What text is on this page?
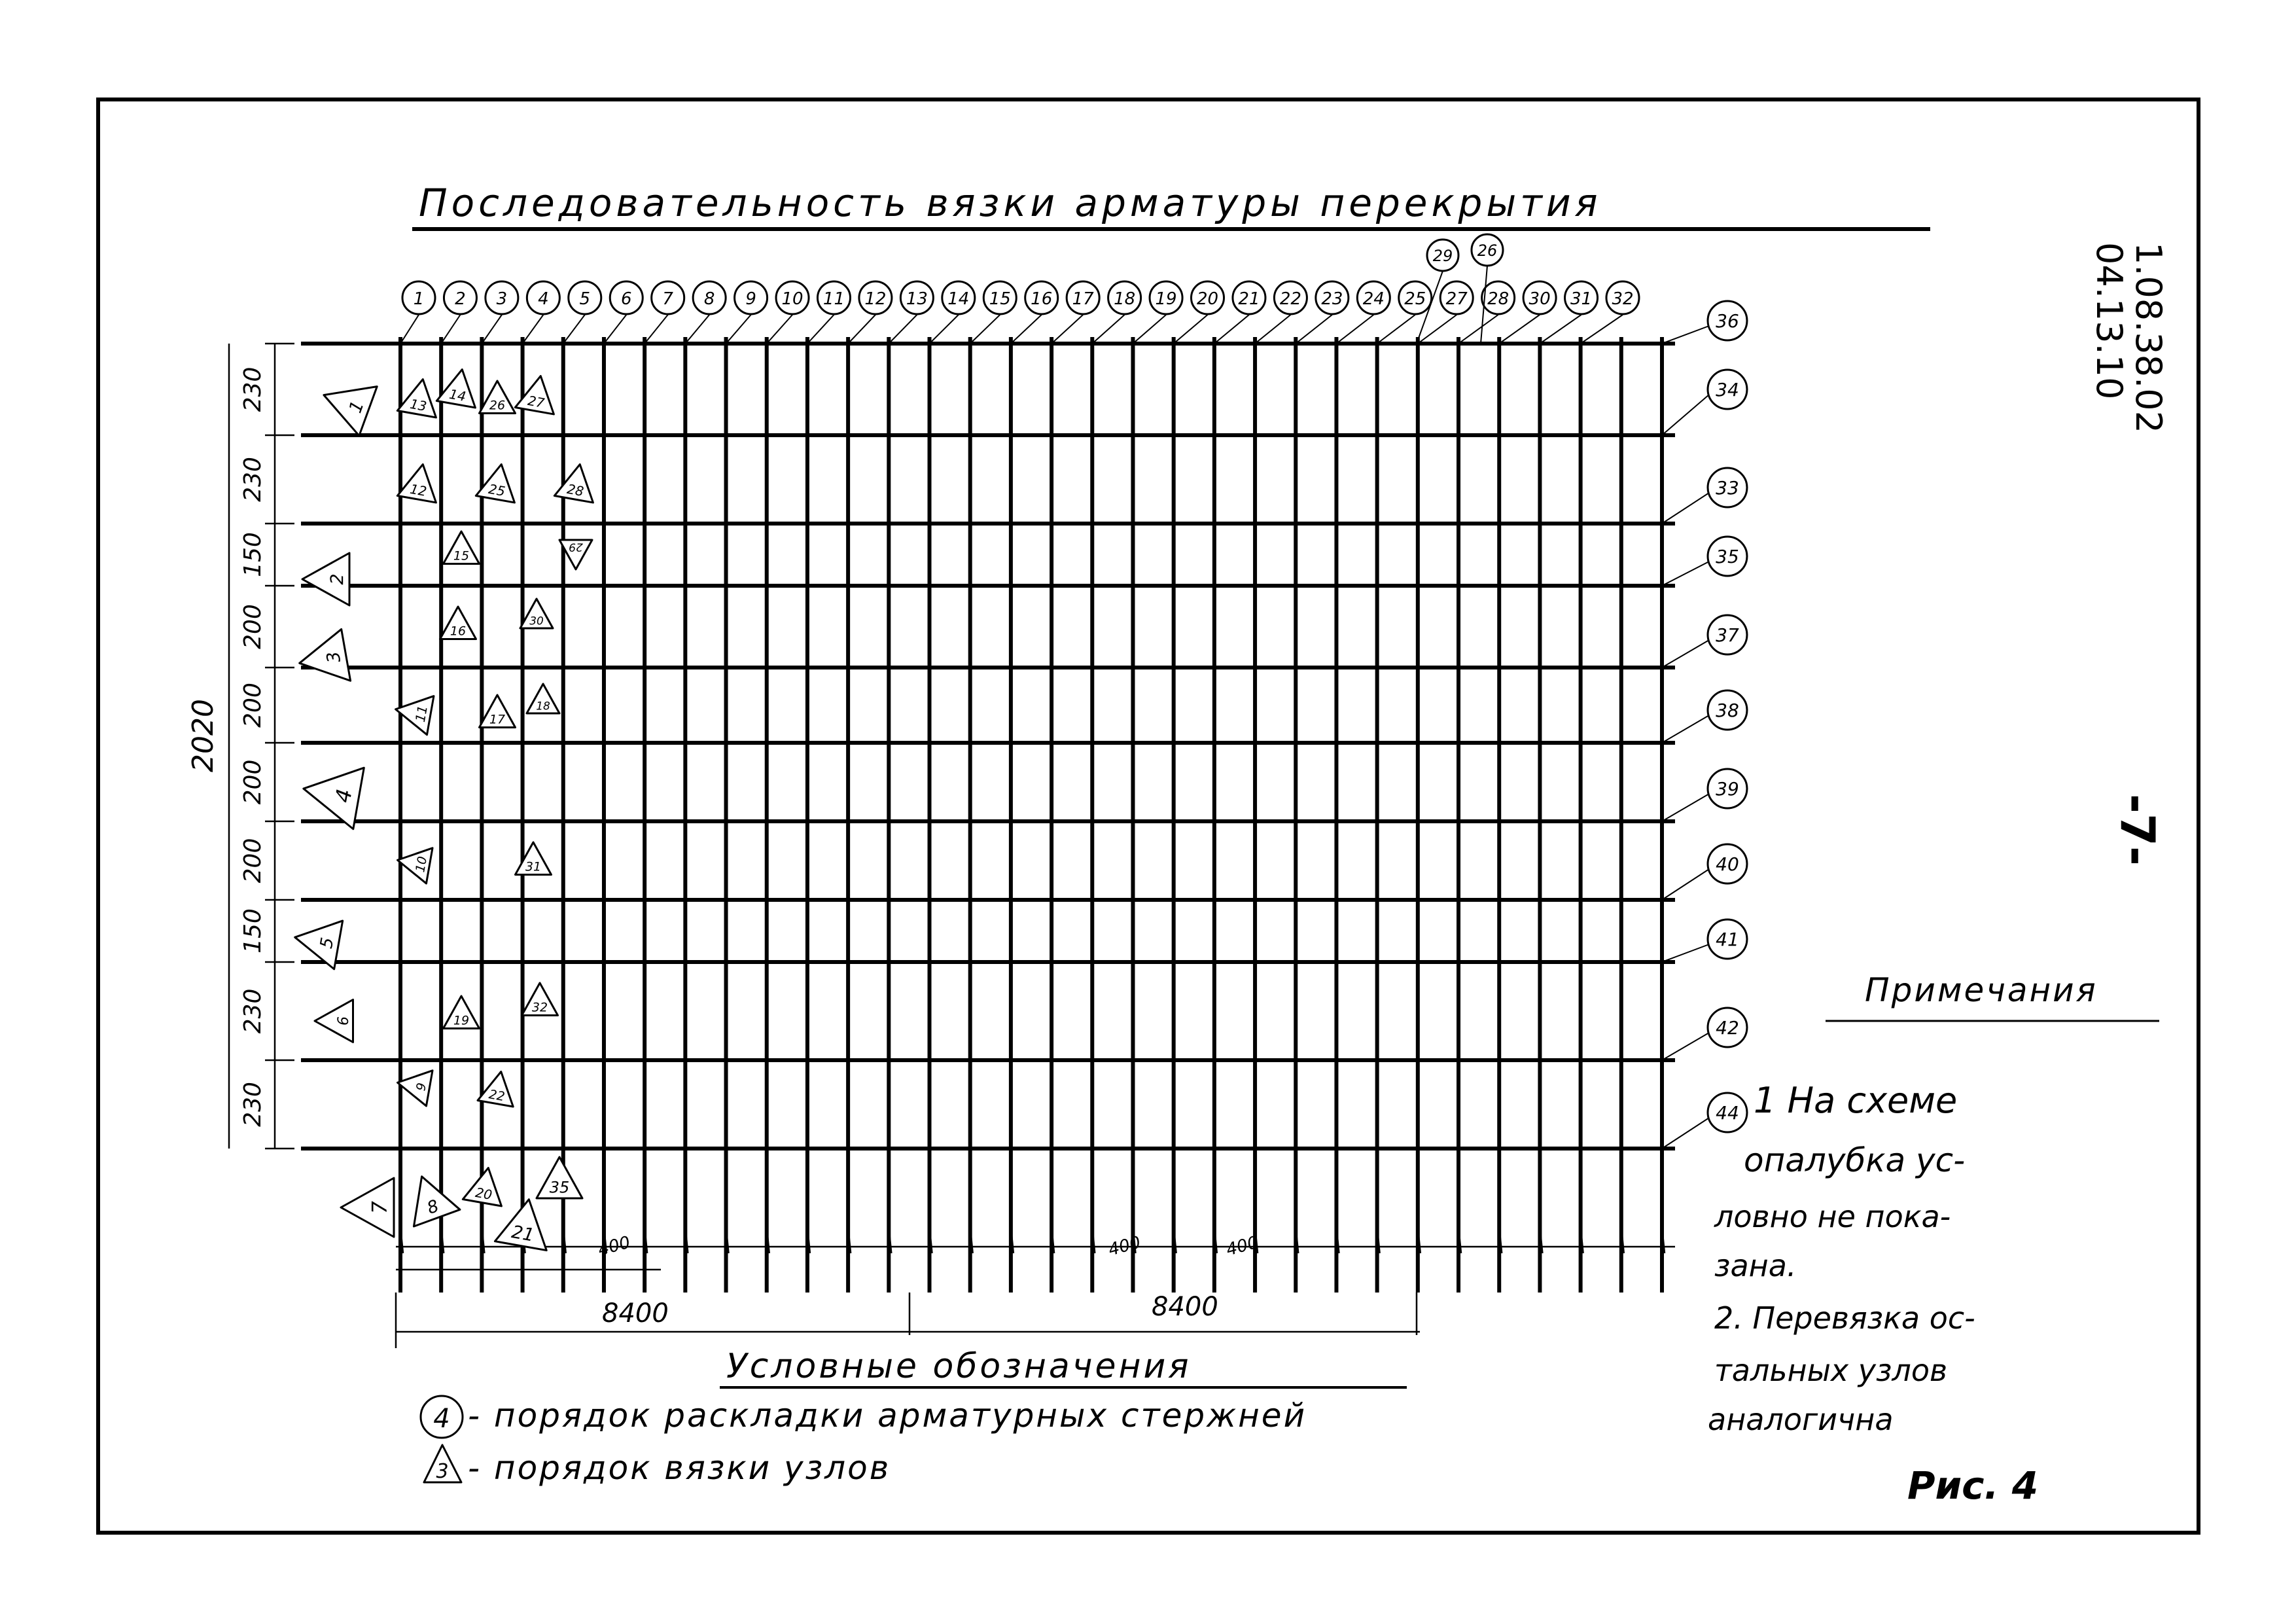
Последовательность вязки арматуры перекрытия
1.08.38.02
04.13.10
-7-
1 2 3 4 5 6 7 8 9 10 11 12 13 14 15 16 17 18 19 20 21 22 23 24 25 27 28 30 31 32
29 26
36
34
33
35
37
38
39
40
41
42
44
1
2
3
4
5
6
7 8
20
21
35
13
14
26 27
12	25	28
15
29
16
30
11	17
18
10	31
9
19
32
22
230
230
150
200
200
200
200
150
230
230
2020
8400	8400
400	400	400
Условные обозначения
4 - порядок раскладки арматурных стержней
3 - порядок вязки узлов
Примечания
1 На схеме
опалубка ус-
ловно не пока-
зана.
2. Перевязка ос-
тальных узлов
аналогична
Рис. 4
